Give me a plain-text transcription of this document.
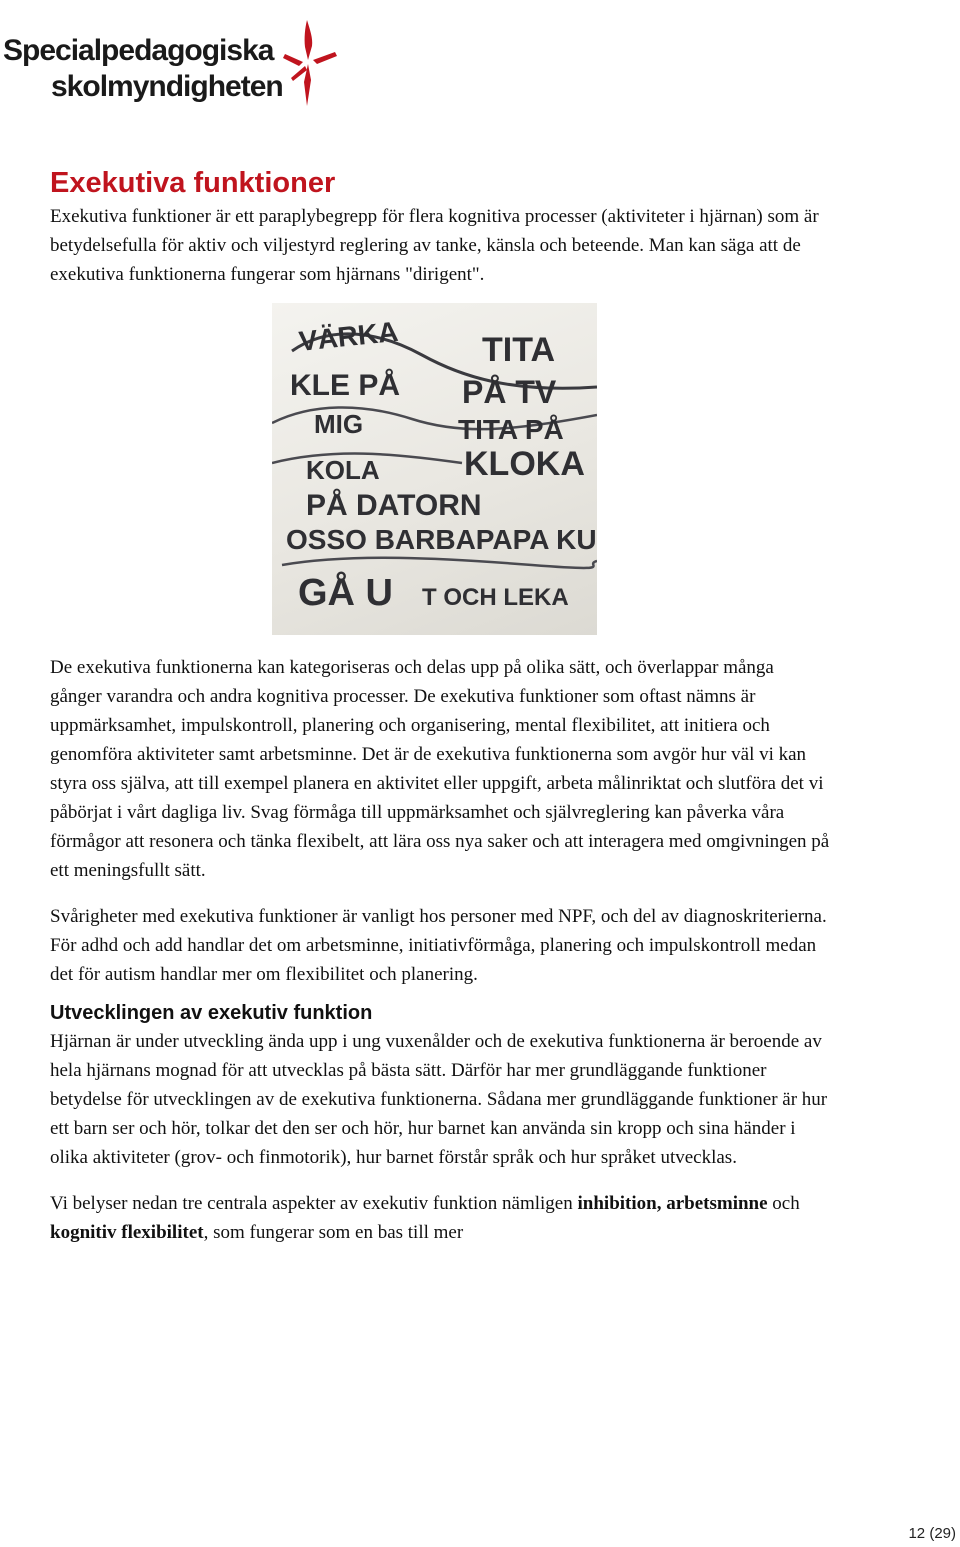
Specialpedagogiska
skolmyndigheten
Exekutiva funktioner

Exekutiva funktioner är ett paraplybegrepp för flera kognitiva processer (aktiviteter i hjärnan) som är betydelsefulla för aktiv och viljestyrd reglering av tanke, känsla och beteende. Man kan säga att de exekutiva funktionerna fungerar som hjärnans "dirigent".

VÄRKA TITA
KLE PÅ PÅ TV
MIG	TITA PÅ
KLOKA
KOLA
PÅ DATORN
OSSO BARBAPAPA KU
GÅ U T OCH LEKA

De exekutiva funktionerna kan kategoriseras och delas upp på olika sätt, och överlappar många gånger varandra och andra kognitiva processer. De exekutiva funktioner som oftast nämns är uppmärksamhet, impulskontroll, planering och organisering, mental flexibilitet, att initiera och genomföra aktiviteter samt arbetsminne. Det är de exekutiva funktionerna som avgör hur väl vi kan styra oss själva, att till exempel planera en aktivitet eller uppgift, arbeta målinriktat och slutföra det vi påbörjat i vårt dagliga liv. Svag förmåga till uppmärksamhet och självreglering kan påverka våra förmågor att resonera och tänka flexibelt, att lära oss nya saker och att interagera med omgivningen på ett meningsfullt sätt.

Svårigheter med exekutiva funktioner är vanligt hos personer med NPF, och del av diagnoskriterierna. För adhd och add handlar det om arbetsminne, initiativförmåga, planering och impulskontroll medan det för autism handlar mer om flexibilitet och planering.

Utvecklingen av exekutiv funktion

Hjärnan är under utveckling ända upp i ung vuxenålder och de exekutiva funktionerna är beroende av hela hjärnans mognad för att utvecklas på bästa sätt. Därför har mer grundläggande funktioner betydelse för utvecklingen av de exekutiva funktionerna. Sådana mer grundläggande funktioner är hur ett barn ser och hör, tolkar det den ser och hör, hur barnet kan använda sin kropp och sina händer i olika aktiviteter (grov- och finmotorik), hur barnet förstår språk och hur språket utvecklas.

Vi belyser nedan tre centrala aspekter av exekutiv funktion nämligen inhibition, arbetsminne och kognitiv flexibilitet, som fungerar som en bas till mer

12 (29)
